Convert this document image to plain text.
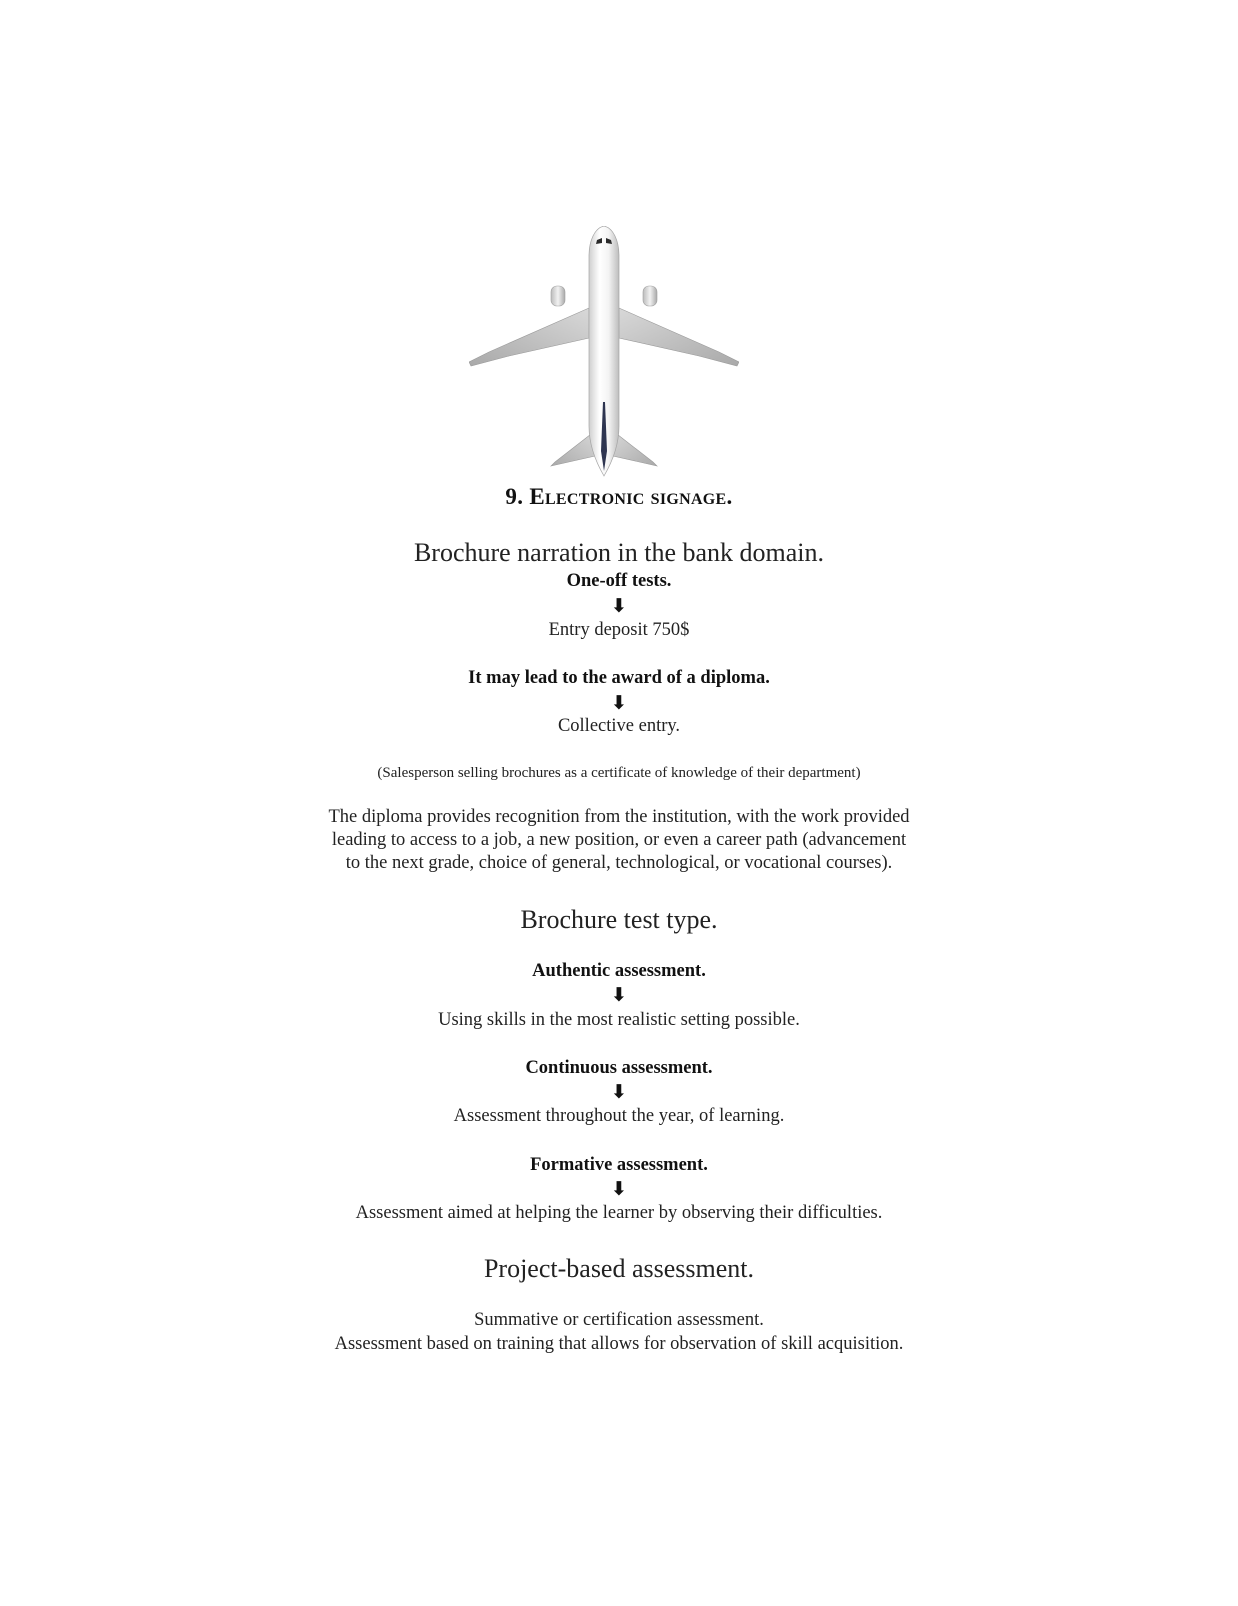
9. Electronic signage.
Brochure narration in the bank domain.
One-off tests.
⬇
Entry deposit 750$
It may lead to the award of a diploma.
⬇
Collective entry.
(Salesperson selling brochures as a certificate of knowledge of their department)
The diploma provides recognition from the institution, with the work provided
leading to access to a job, a new position, or even a career path (advancement
to the next grade, choice of general, technological, or vocational courses).
Brochure test type.
Authentic assessment.
⬇
Using skills in the most realistic setting possible.
Continuous assessment.
⬇
Assessment throughout the year, of learning.
Formative assessment.
⬇
Assessment aimed at helping the learner by observing their difficulties.
Project-based assessment.
Summative or certification assessment.
Assessment based on training that allows for observation of skill acquisition.
